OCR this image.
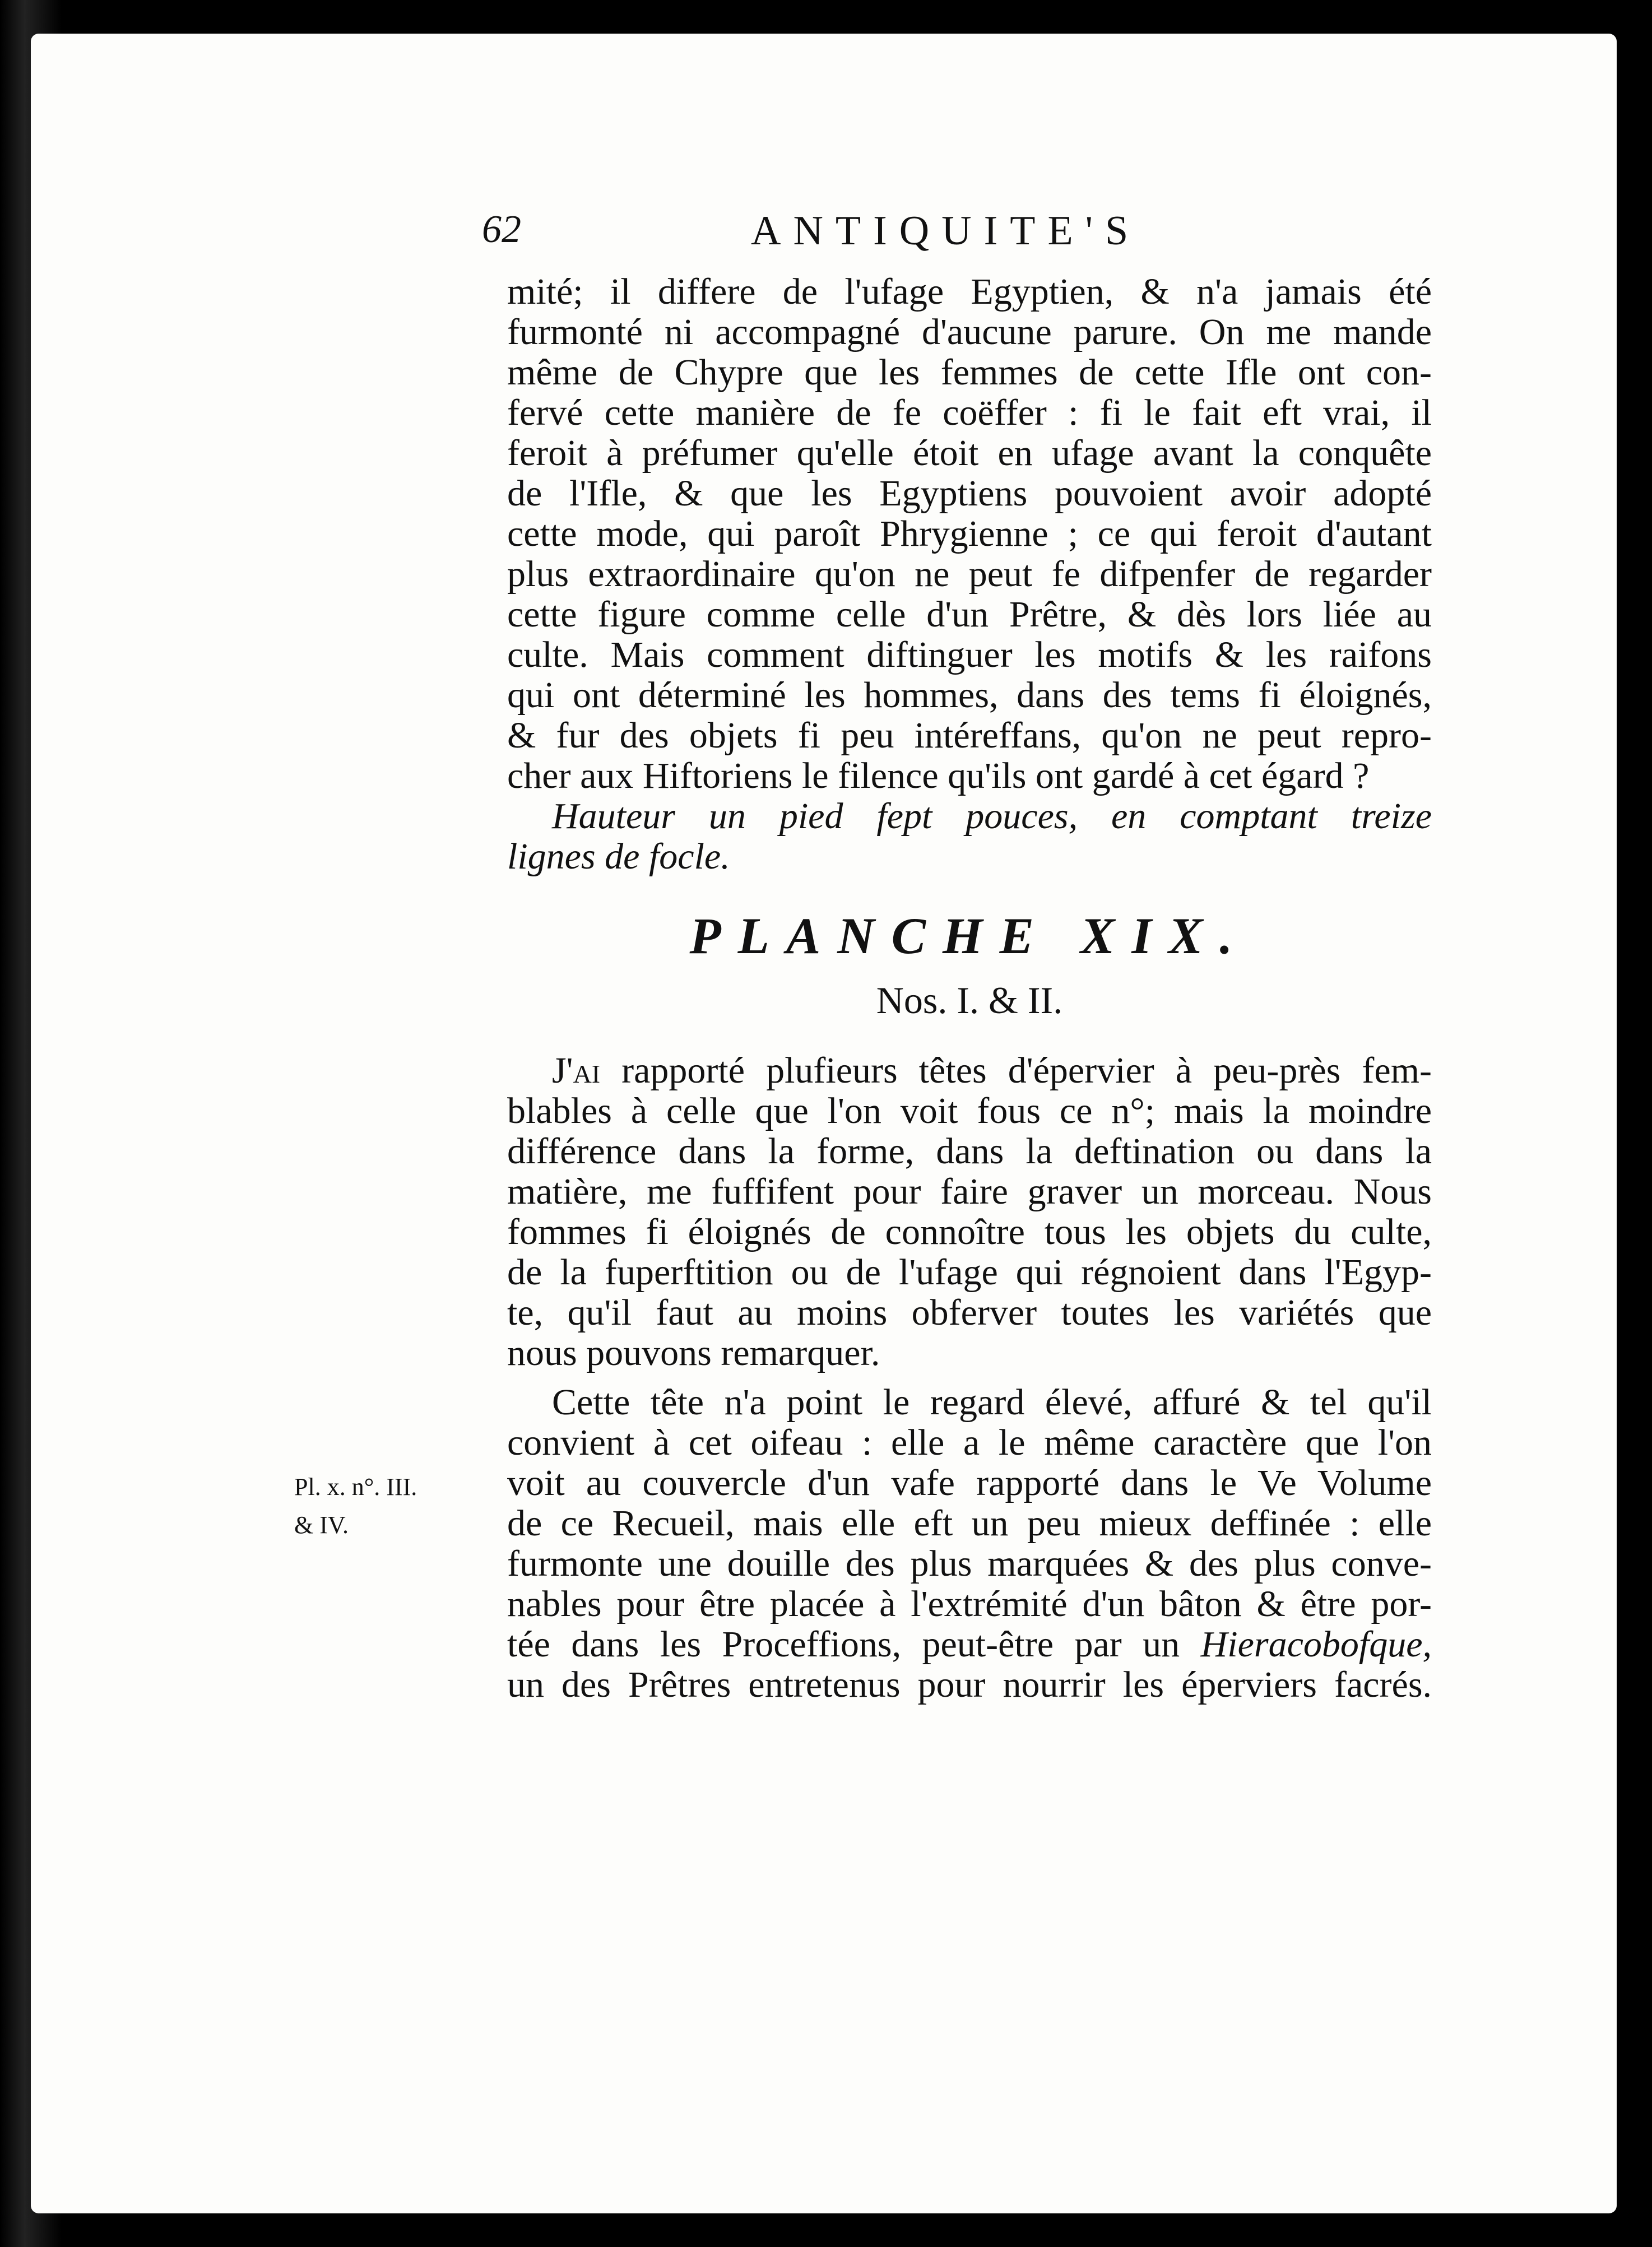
62	ANTIQUITE'S
Pl. x. n°. III.
& IV.
mité; il differe de l'ufage Egyptien, & n'a jamais été
furmonté ni accompagné d'aucune parure. On me mande
même de Chypre que les femmes de cette Ifle ont con-
fervé cette manière de fe coëffer : fi le fait eft vrai, il
feroit à préfumer qu'elle étoit en ufage avant la conquête
de l'Ifle, & que les Egyptiens pouvoient avoir adopté
cette mode, qui paroît Phrygienne ; ce qui feroit d'autant
plus extraordinaire qu'on ne peut fe difpenfer de regarder
cette figure comme celle d'un Prêtre, & dès lors liée au
culte. Mais comment diftinguer les motifs & les raifons
qui ont déterminé les hommes, dans des tems fi éloignés,
& fur des objets fi peu intéreffans, qu'on ne peut repro-
cher aux Hiftoriens le filence qu'ils ont gardé à cet égard ?
Hauteur un pied fept pouces, en comptant treize
lignes de focle.
PLANCHE XIX.
Nos. I. & II.
J'ai rapporté plufieurs têtes d'épervier à peu-près fem-
blables à celle que l'on voit fous ce n°; mais la moindre
différence dans la forme, dans la deftination ou dans la
matière, me fuffifent pour faire graver un morceau. Nous
fommes fi éloignés de connoître tous les objets du culte,
de la fuperftition ou de l'ufage qui régnoient dans l'Egyp-
te, qu'il faut au moins obferver toutes les variétés que
nous pouvons remarquer.
Cette tête n'a point le regard élevé, affuré & tel qu'il
convient à cet oifeau : elle a le même caractère que l'on
voit au couvercle d'un vafe rapporté dans le Ve Volume
de ce Recueil, mais elle eft un peu mieux deffinée : elle
furmonte une douille des plus marquées & des plus conve-
nables pour être placée à l'extrémité d'un bâton & être por-
tée dans les Proceffions, peut-être par un Hieracobofque,
un des Prêtres entretenus pour nourrir les éperviers facrés.
